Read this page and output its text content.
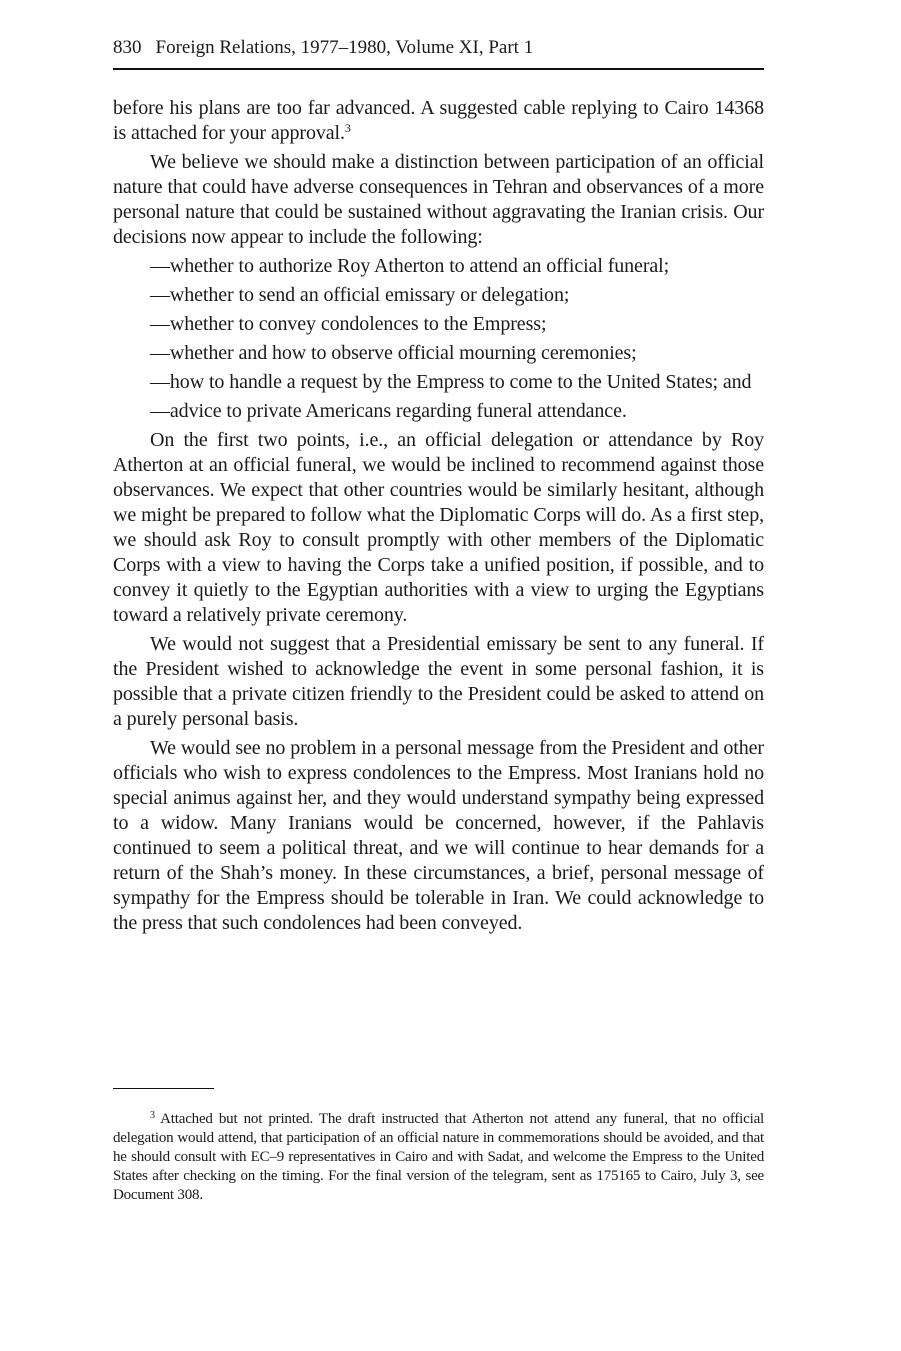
830 Foreign Relations, 1977–1980, Volume XI, Part 1

before his plans are too far advanced. A suggested cable replying to Cairo 14368 is attached for your approval.$^3$

We believe we should make a distinction between participation of an official nature that could have adverse consequences in Tehran and observances of a more personal nature that could be sustained without aggravating the Iranian crisis. Our decisions now appear to include the following:

—whether to authorize Roy Atherton to attend an official funeral;

—whether to send an official emissary or delegation;

—whether to convey condolences to the Empress;

—whether and how to observe official mourning ceremonies;

—how to handle a request by the Empress to come to the United States; and

—advice to private Americans regarding funeral attendance.

On the first two points, i.e., an official delegation or attendance by Roy Atherton at an official funeral, we would be inclined to recommend against those observances. We expect that other countries would be similarly hesitant, although we might be prepared to follow what the Diplomatic Corps will do. As a first step, we should ask Roy to consult promptly with other members of the Diplomatic Corps with a view to having the Corps take a unified position, if possible, and to convey it quietly to the Egyptian authorities with a view to urging the Egyptians toward a relatively private ceremony.

We would not suggest that a Presidential emissary be sent to any funeral. If the President wished to acknowledge the event in some personal fashion, it is possible that a private citizen friendly to the President could be asked to attend on a purely personal basis.

We would see no problem in a personal message from the President and other officials who wish to express condolences to the Empress. Most Iranians hold no special animus against her, and they would understand sympathy being expressed to a widow. Many Iranians would be concerned, however, if the Pahlavis continued to seem a political threat, and we will continue to hear demands for a return of the Shah’s money. In these circumstances, a brief, personal message of sympathy for the Empress should be tolerable in Iran. We could acknowledge to the press that such condolences had been conveyed.

$^3$ Attached but not printed. The draft instructed that Atherton not attend any funeral, that no official delegation would attend, that participation of an official nature in commemorations should be avoided, and that he should consult with EC–9 representatives in Cairo and with Sadat, and welcome the Empress to the United States after checking on the timing. For the final version of the telegram, sent as 175165 to Cairo, July 3, see Document 308.
